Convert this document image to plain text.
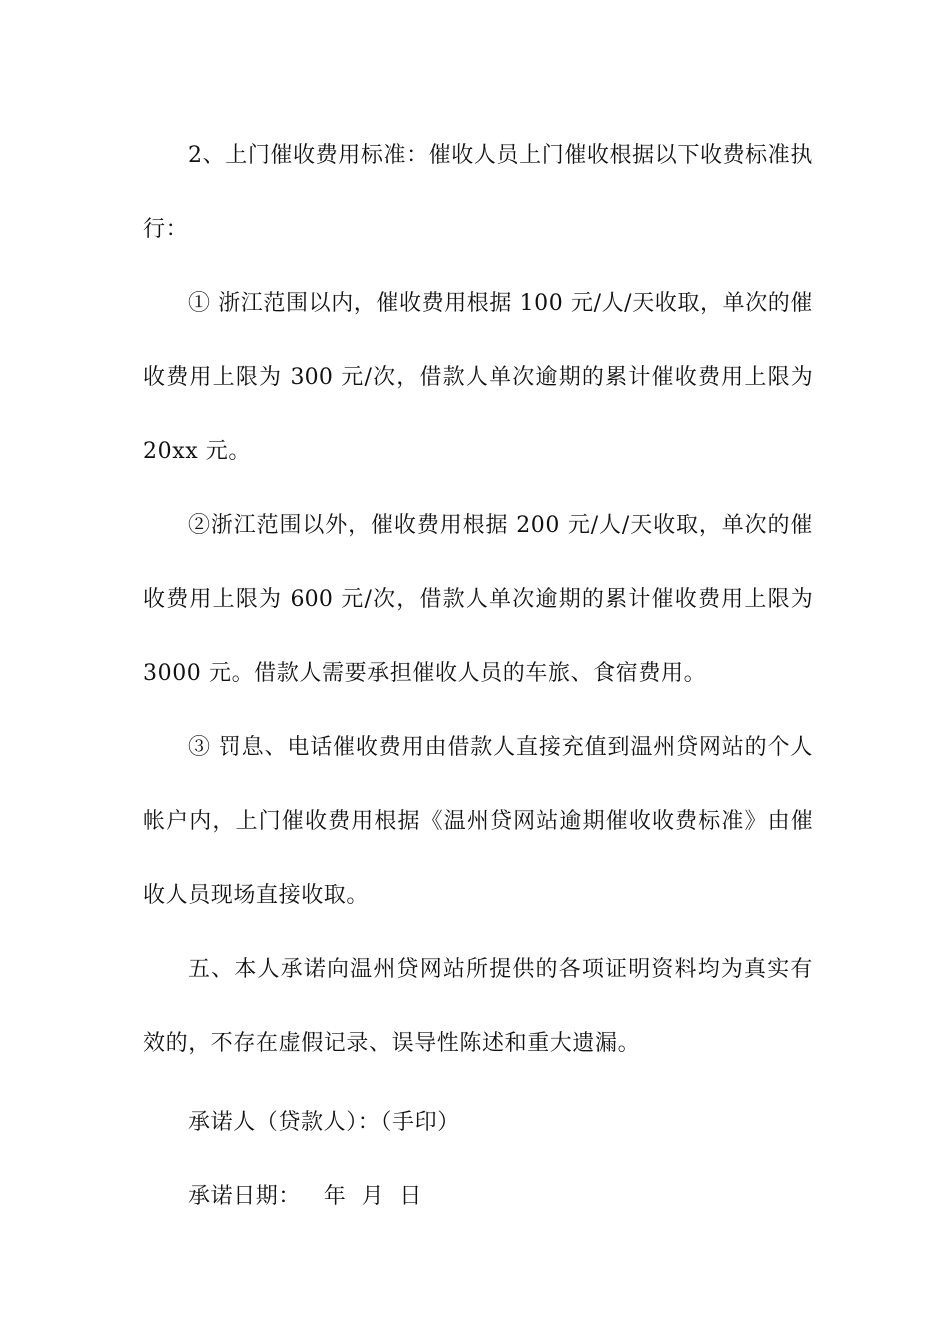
2、上门催收费用标准：催收人员上门催收根据以下收费标准执
行：
① 浙江范围以内，催收费用根据 100 元/人/天收取，单次的催
收费用上限为 300 元/次，借款人单次逾期的累计催收费用上限为
20xx 元。
②浙江范围以外，催收费用根据 200 元/人/天收取，单次的催
收费用上限为 600 元/次，借款人单次逾期的累计催收费用上限为
3000 元。借款人需要承担催收人员的车旅、食宿费用。
③ 罚息、电话催收费用由借款人直接充值到温州贷网站的个人
帐户内，上门催收费用根据《温州贷网站逾期催收收费标准》由催
收人员现场直接收取。
五、本人承诺向温州贷网站所提供的各项证明资料均为真实有
效的，不存在虚假记录、误导性陈述和重大遗漏。
承诺人（贷款人）：（手印）
承诺日期：   年  月  日
